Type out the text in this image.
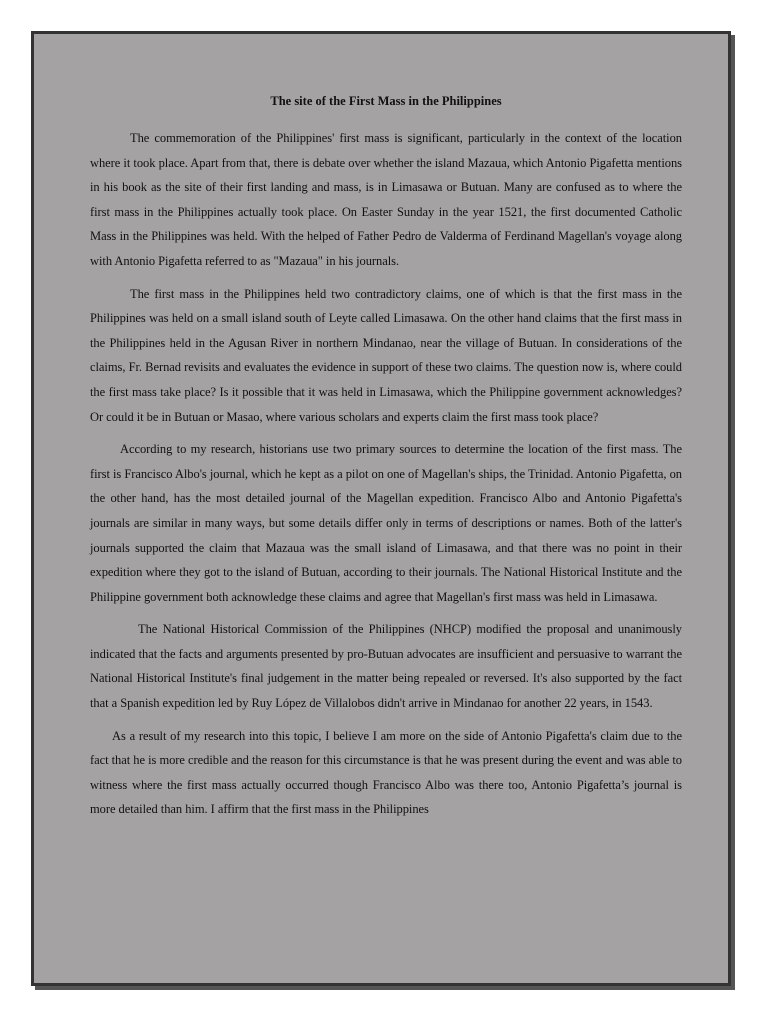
The site of the First Mass in the Philippines

The commemoration of the Philippines' first mass is significant, particularly in the context of the location where it took place. Apart from that, there is debate over whether the island Mazaua, which Antonio Pigafetta mentions in his book as the site of their first landing and mass, is in Limasawa or Butuan. Many are confused as to where the first mass in the Philippines actually took place. On Easter Sunday in the year 1521, the first documented Catholic Mass in the Philippines was held. With the helped of Father Pedro de Valderma of Ferdinand Magellan's voyage along with Antonio Pigafetta referred to as "Mazaua" in his journals.

The first mass in the Philippines held two contradictory claims, one of which is that the first mass in the Philippines was held on a small island south of Leyte called Limasawa. On the other hand claims that the first mass in the Philippines held in the Agusan River in northern Mindanao, near the village of Butuan. In considerations of the claims, Fr. Bernad revisits and evaluates the evidence in support of these two claims. The question now is, where could the first mass take place? Is it possible that it was held in Limasawa, which the Philippine government acknowledges? Or could it be in Butuan or Masao, where various scholars and experts claim the first mass took place?

According to my research, historians use two primary sources to determine the location of the first mass. The first is Francisco Albo's journal, which he kept as a pilot on one of Magellan's ships, the Trinidad. Antonio Pigafetta, on the other hand, has the most detailed journal of the Magellan expedition. Francisco Albo and Antonio Pigafetta's journals are similar in many ways, but some details differ only in terms of descriptions or names. Both of the latter's journals supported the claim that Mazaua was the small island of Limasawa, and that there was no point in their expedition where they got to the island of Butuan, according to their journals. The National Historical Institute and the Philippine government both acknowledge these claims and agree that Magellan's first mass was held in Limasawa.

The National Historical Commission of the Philippines (NHCP) modified the proposal and unanimously indicated that the facts and arguments presented by pro-Butuan advocates are insufficient and persuasive to warrant the National Historical Institute's final judgement in the matter being repealed or reversed. It's also supported by the fact that a Spanish expedition led by Ruy López de Villalobos didn't arrive in Mindanao for another 22 years, in 1543.

As a result of my research into this topic, I believe I am more on the side of Antonio Pigafetta's claim due to the fact that he is more credible and the reason for this circumstance is that he was present during the event and was able to witness where the first mass actually occurred though Francisco Albo was there too, Antonio Pigafetta’s journal is more detailed than him. I affirm that the first mass in the Philippines
